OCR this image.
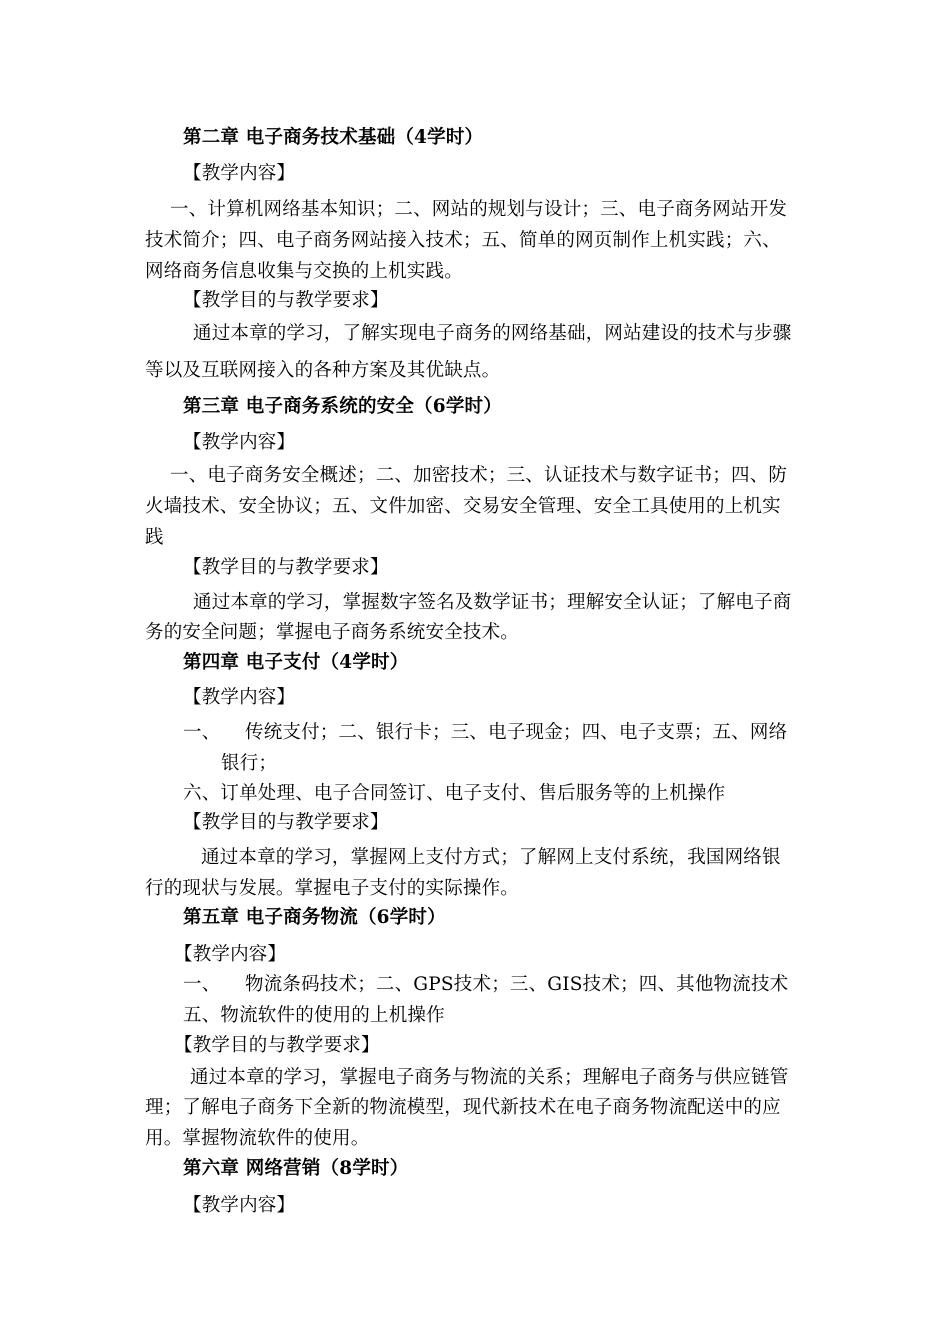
第二章 电子商务技术基础（4学时）
【教学内容】
一、计算机网络基本知识；二、网站的规划与设计；三、电子商务网站开发
技术简介；四、电子商务网站接入技术；五、简单的网页制作上机实践；六、
网络商务信息收集与交换的上机实践。
【教学目的与教学要求】
通过本章的学习，了解实现电子商务的网络基础，网站建设的技术与步骤
等以及互联网接入的各种方案及其优缺点。
第三章 电子商务系统的安全（6学时）
【教学内容】
一、电子商务安全概述；二、加密技术；三、认证技术与数字证书；四、防
火墙技术、安全协议；五、文件加密、交易安全管理、安全工具使用的上机实
践
【教学目的与教学要求】
通过本章的学习，掌握数字签名及数学证书；理解安全认证；了解电子商
务的安全问题；掌握电子商务系统安全技术。
第四章 电子支付（4学时）
【教学内容】
一、 传统支付；二、银行卡；三、电子现金；四、电子支票；五、网络
银行；
六、订单处理、电子合同签订、电子支付、售后服务等的上机操作
【教学目的与教学要求】
通过本章的学习，掌握网上支付方式；了解网上支付系统，我国网络银
行的现状与发展。掌握电子支付的实际操作。
第五章 电子商务物流（6学时）
【教学内容】
一、 物流条码技术；二、GPS技术；三、GIS技术；四、其他物流技术
五、物流软件的使用的上机操作
【教学目的与教学要求】
通过本章的学习，掌握电子商务与物流的关系；理解电子商务与供应链管
理；了解电子商务下全新的物流模型，现代新技术在电子商务物流配送中的应
用。掌握物流软件的使用。
第六章 网络营销（8学时）
【教学内容】
